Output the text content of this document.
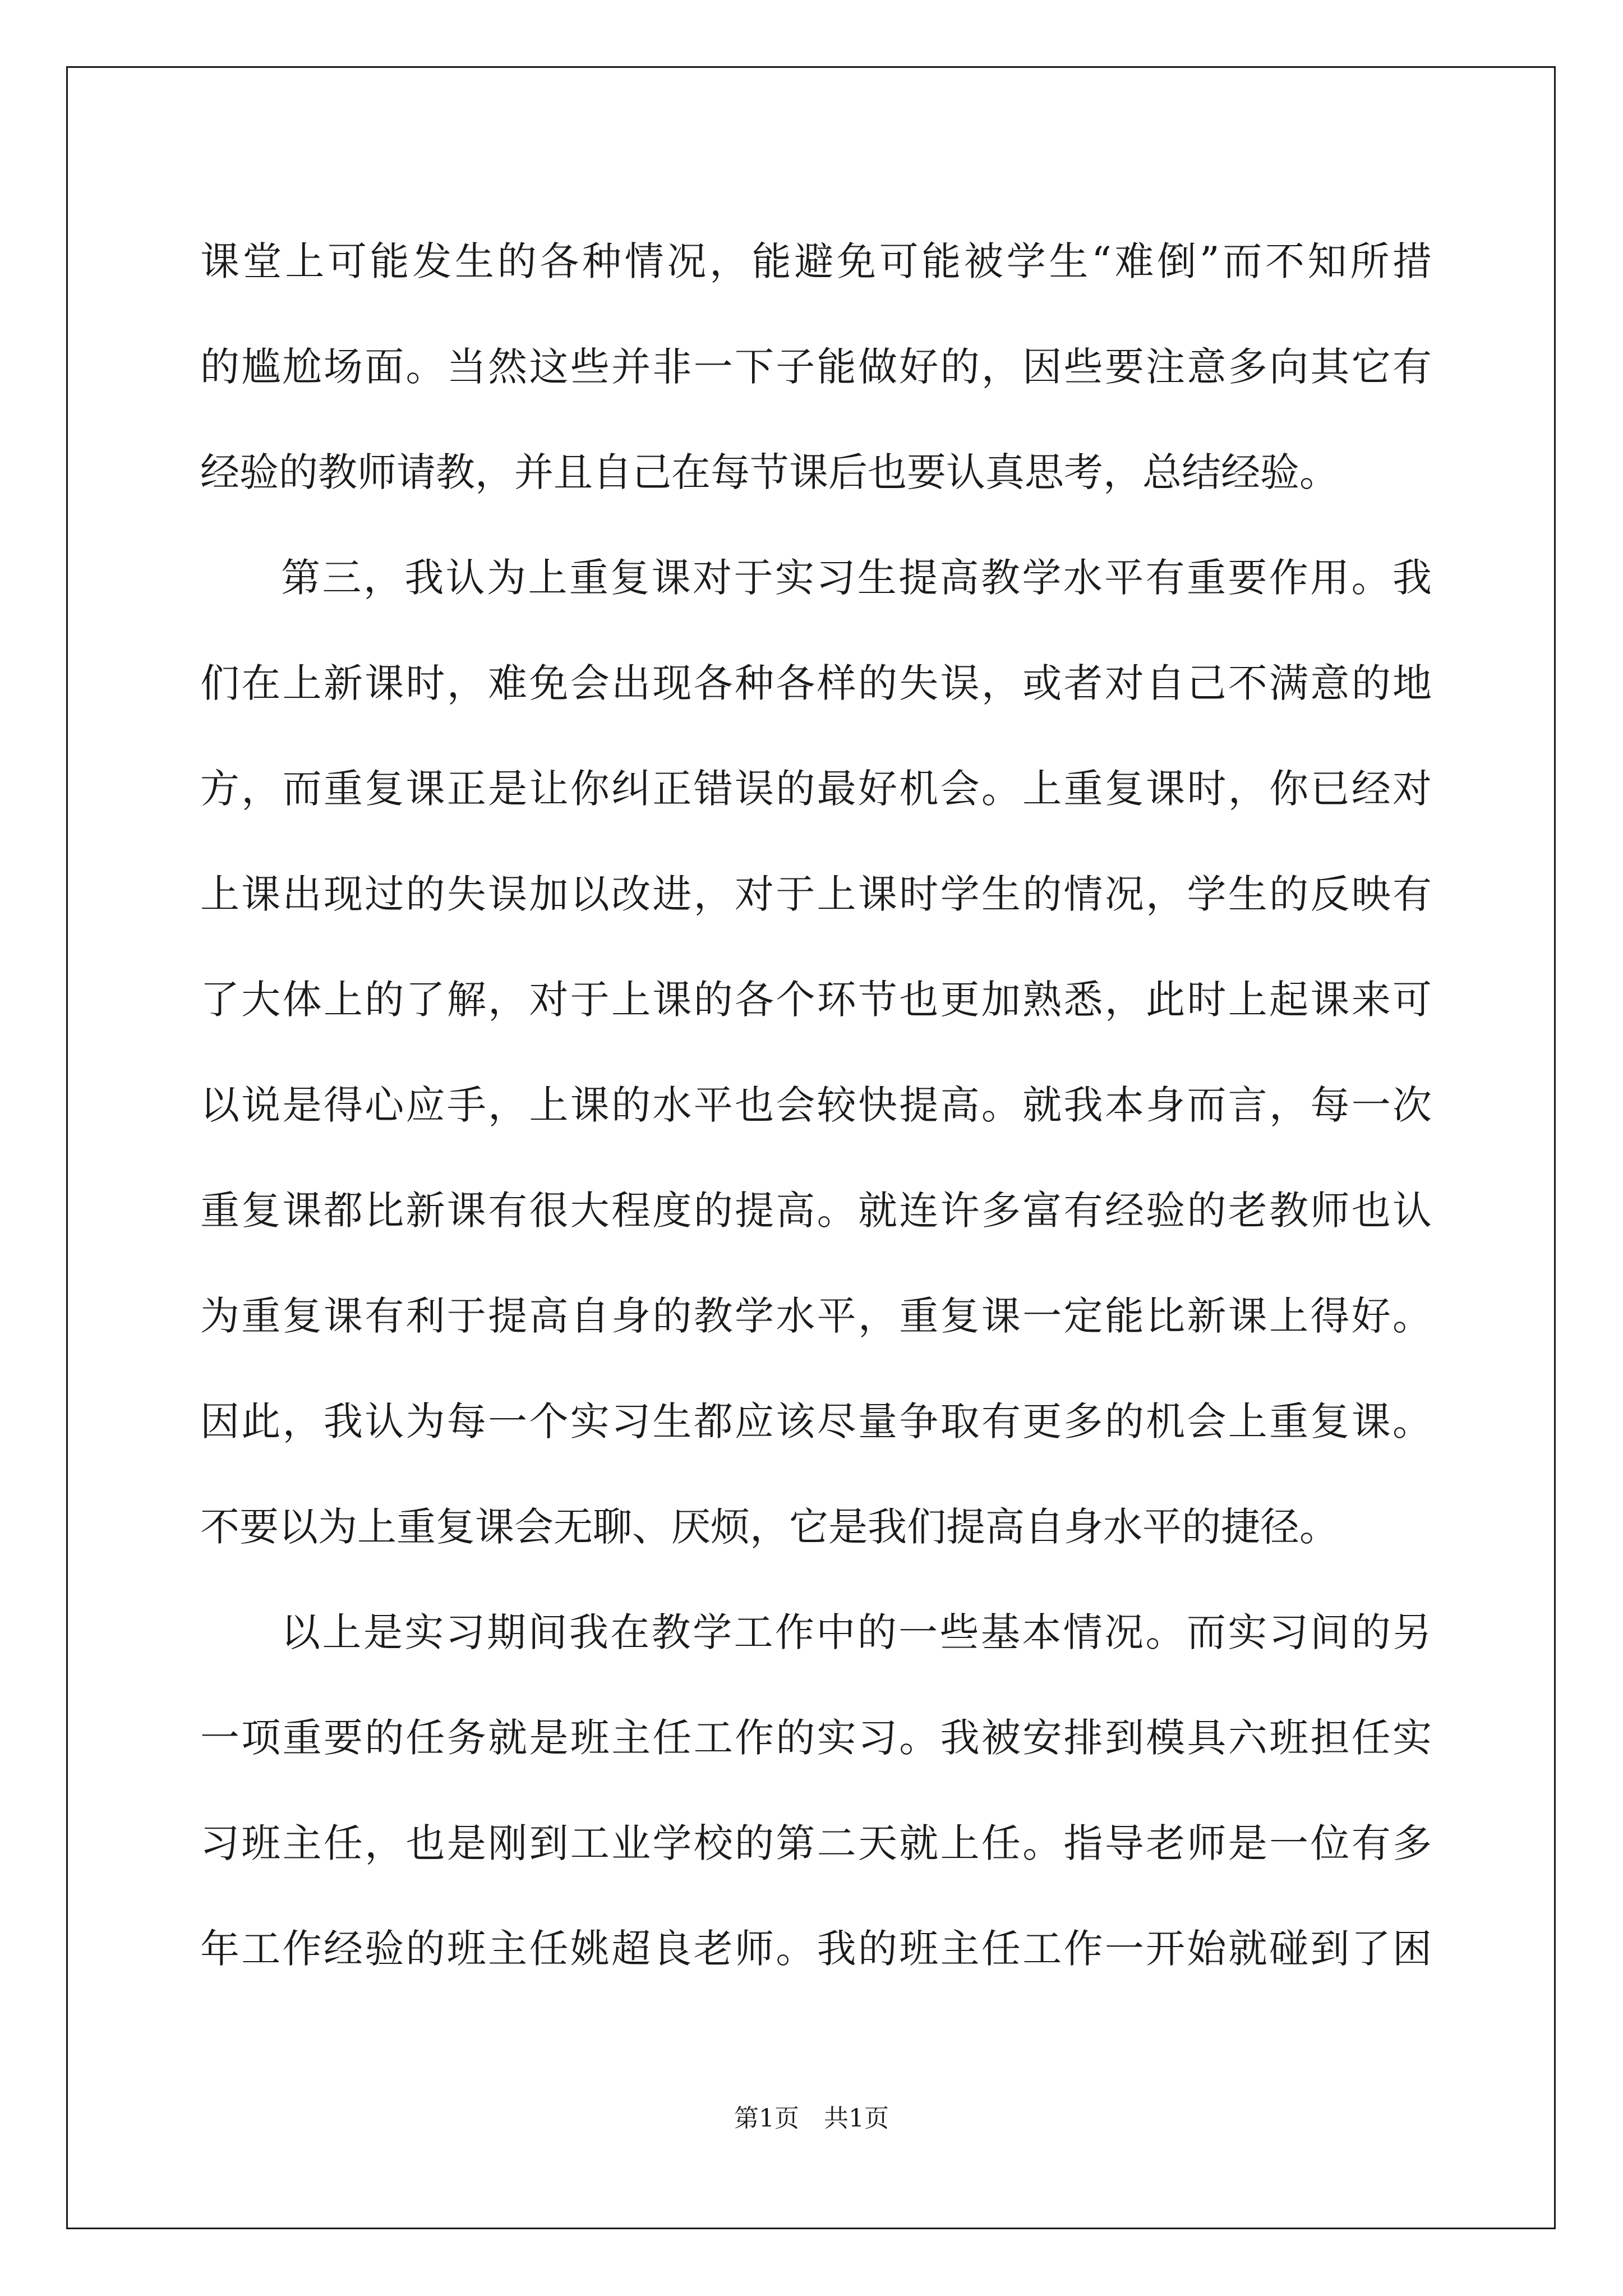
课堂上可能发生的各种情况，能避免可能被学生“难倒”而不知所措
的尴尬场面。当然这些并非一下子能做好的，因些要注意多向其它有
经验的教师请教，并且自己在每节课后也要认真思考，总结经验。
第三，我认为上重复课对于实习生提高教学水平有重要作用。我
们在上新课时，难免会出现各种各样的失误，或者对自己不满意的地
方，而重复课正是让你纠正错误的最好机会。上重复课时，你已经对
上课出现过的失误加以改进，对于上课时学生的情况，学生的反映有
了大体上的了解，对于上课的各个环节也更加熟悉，此时上起课来可
以说是得心应手，上课的水平也会较快提高。就我本身而言，每一次
重复课都比新课有很大程度的提高。就连许多富有经验的老教师也认
为重复课有利于提高自身的教学水平，重复课一定能比新课上得好。
因此，我认为每一个实习生都应该尽量争取有更多的机会上重复课。
不要以为上重复课会无聊、厌烦，它是我们提高自身水平的捷径。
以上是实习期间我在教学工作中的一些基本情况。而实习间的另
一项重要的任务就是班主任工作的实习。我被安排到模具六班担任实
习班主任，也是刚到工业学校的第二天就上任。指导老师是一位有多
年工作经验的班主任姚超良老师。我的班主任工作一开始就碰到了困
第1页　共1页
